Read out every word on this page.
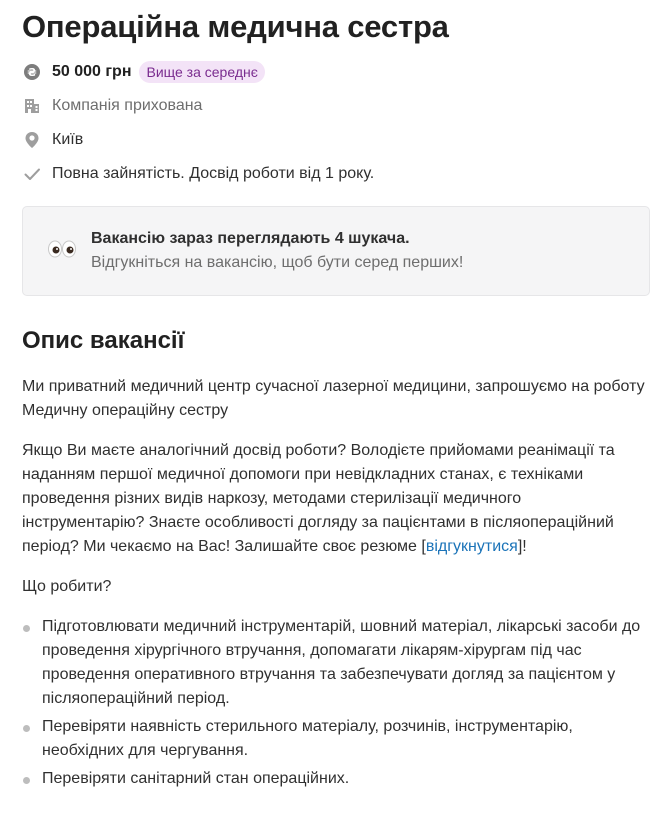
Операційна медична сестра
₴ 50 000 грн	Вище за середнє
Компанія прихована
Київ
Повна зайнятість. Досвід роботи від 1 року.
Вакансію зараз переглядають 4 шукача.
Відгукніться на вакансію, щоб бути серед перших!
Опис вакансії

Ми приватний медичний центр сучасної лазерної медицини, запрошуємо на роботу Медичну операційну сестру

Якщо Ви маєте аналогічний досвід роботи? Володієте прийомами реанімації та наданням першої медичної допомоги при невідкладних станах, є техніками проведення різних видів наркозу, методами стерилізації медичного інструментарію? Знаєте особливості догляду за пацієнтами в післяопераційний період? Ми чекаємо на Вас! Залишайте своє резюме [відгукнутися]!

Що робити?

Підготовлювати медичний інструментарій, шовний матеріал, лікарські засоби до проведення хірургічного втручання, допомагати лікарям-хірургам під час проведення оперативного втручання та забезпечувати догляд за пацієнтом у післяопераційний період.
Перевіряти наявність стерильного матеріалу, розчинів, інструментарію, необхідних для чергування.
Перевіряти санітарний стан операційних.
